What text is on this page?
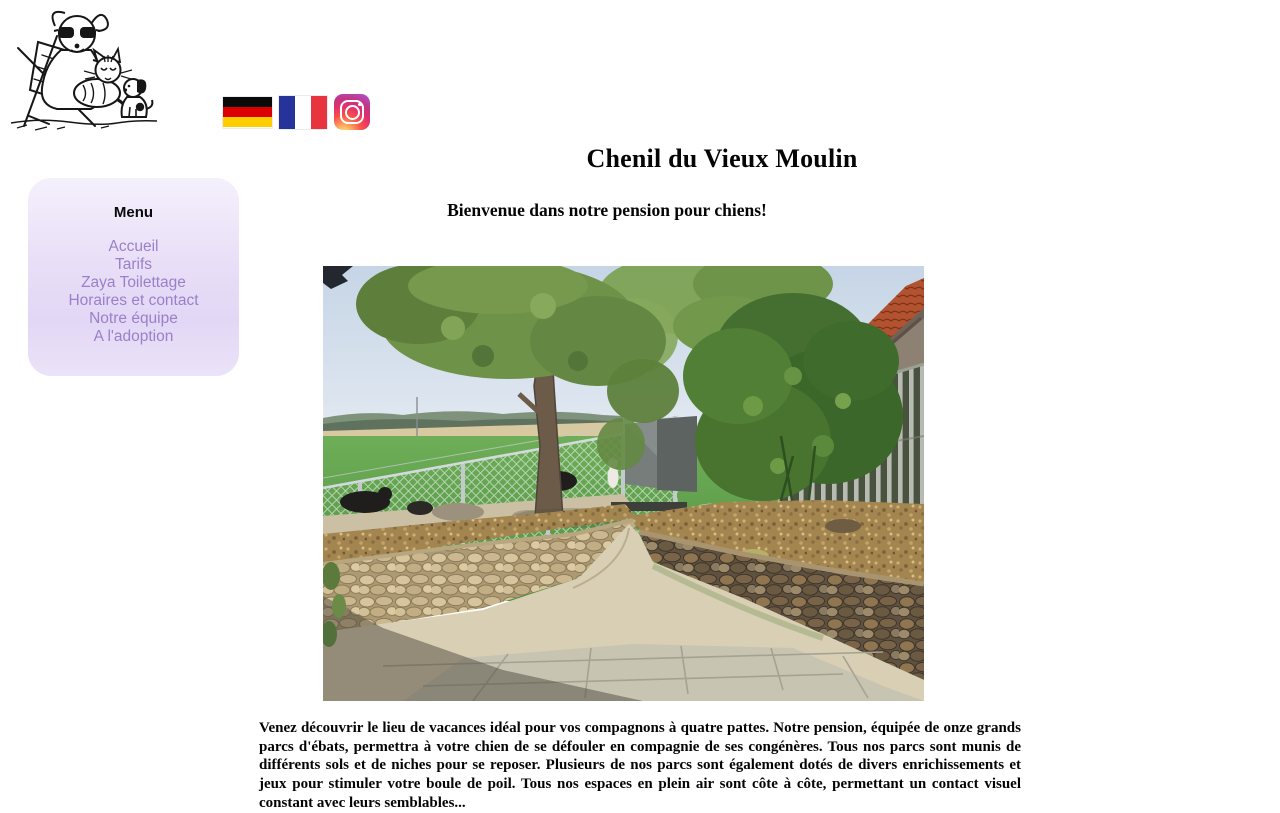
Chenil du Vieux Moulin
Bienvenue dans notre pension pour chiens!
Menu
Accueil
Tarifs
Zaya Toilettage
Horaires et contact
Notre équipe
A l'adoption

Venez découvrir le lieu de vacances idéal pour vos compagnons à quatre pattes. Notre pension, équipée de onze grands parcs d'ébats, permettra à votre chien de se défouler en compagnie de ses congénères. Tous nos parcs sont munis de différents sols et de niches pour se reposer. Plusieurs de nos parcs sont également dotés de divers enrichissements et jeux pour stimuler votre boule de poil. Tous nos espaces en plein air sont côte à côte, permettant un contact visuel constant avec leurs semblables...
